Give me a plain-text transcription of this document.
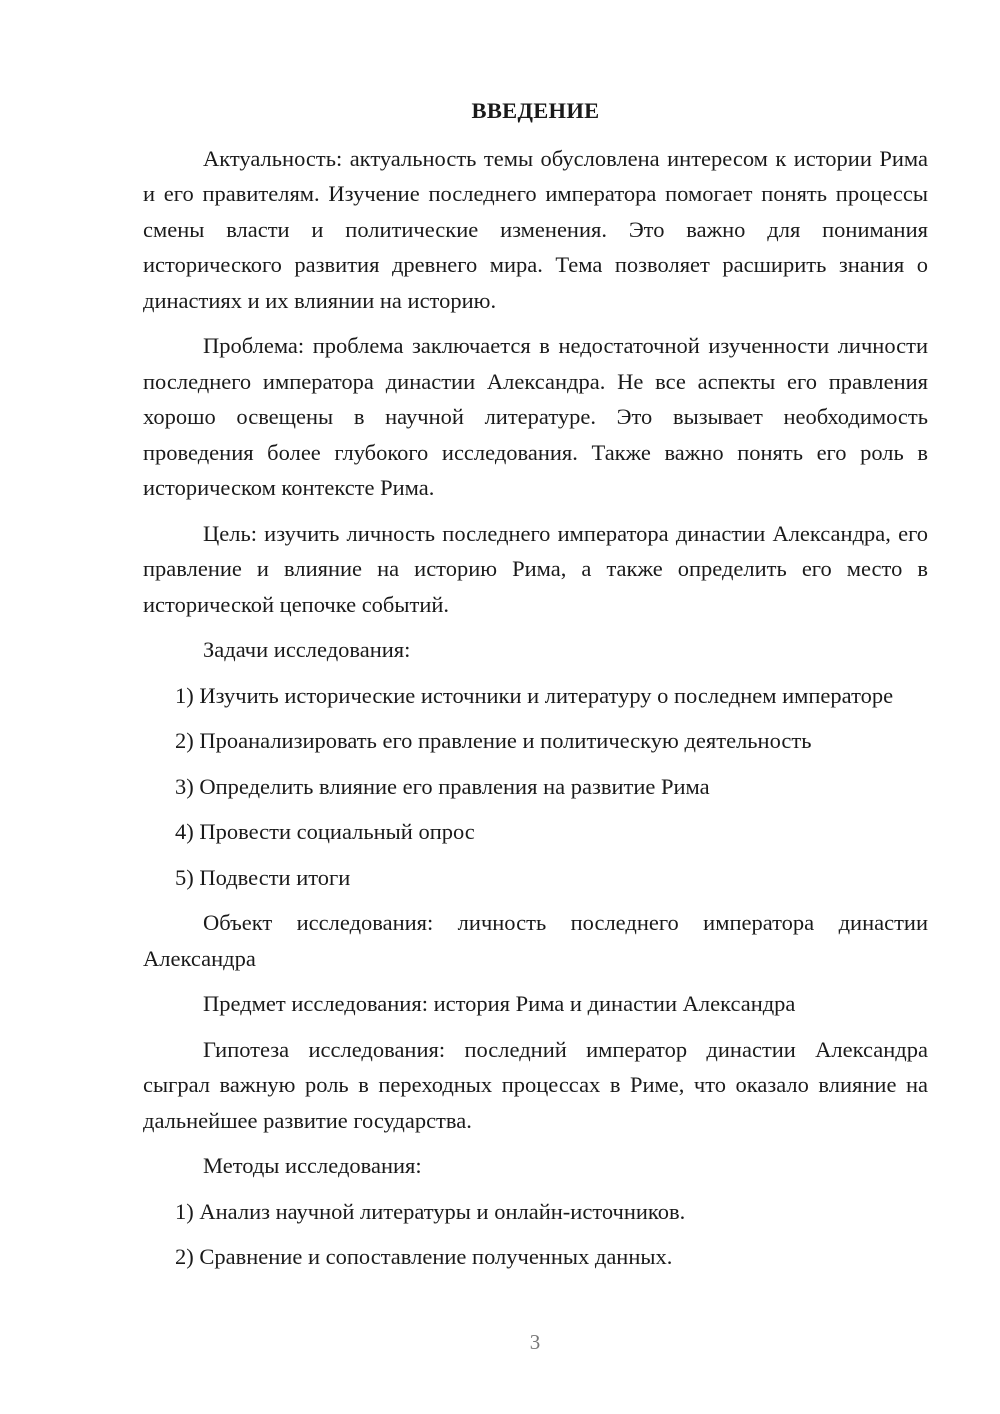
ВВЕДЕНИЕ

Актуальность: актуальность темы обусловлена интересом к истории Рима и его правителям. Изучение последнего императора помогает понять процессы смены власти и политические изменения. Это важно для понимания исторического развития древнего мира. Тема позволяет расширить знания о династиях и их влиянии на историю.

Проблема: проблема заключается в недостаточной изученности личности последнего императора династии Александра. Не все аспекты его правления хорошо освещены в научной литературе. Это вызывает необходимость проведения более глубокого исследования. Также важно понять его роль в историческом контексте Рима.

Цель: изучить личность последнего императора династии Александра, его правление и влияние на историю Рима, а также определить его место в исторической цепочке событий.

Задачи исследования:

1) Изучить исторические источники и литературу о последнем императоре

2) Проанализировать его правление и политическую деятельность

3) Определить влияние его правления на развитие Рима

4) Провести социальный опрос

5) Подвести итоги

Объект исследования: личность последнего императора династии Александра

Предмет исследования: история Рима и династии Александра

Гипотеза исследования: последний император династии Александра сыграл важную роль в переходных процессах в Риме, что оказало влияние на дальнейшее развитие государства.

Методы исследования:

1) Анализ научной литературы и онлайн-источников.

2) Сравнение и сопоставление полученных данных.

3
